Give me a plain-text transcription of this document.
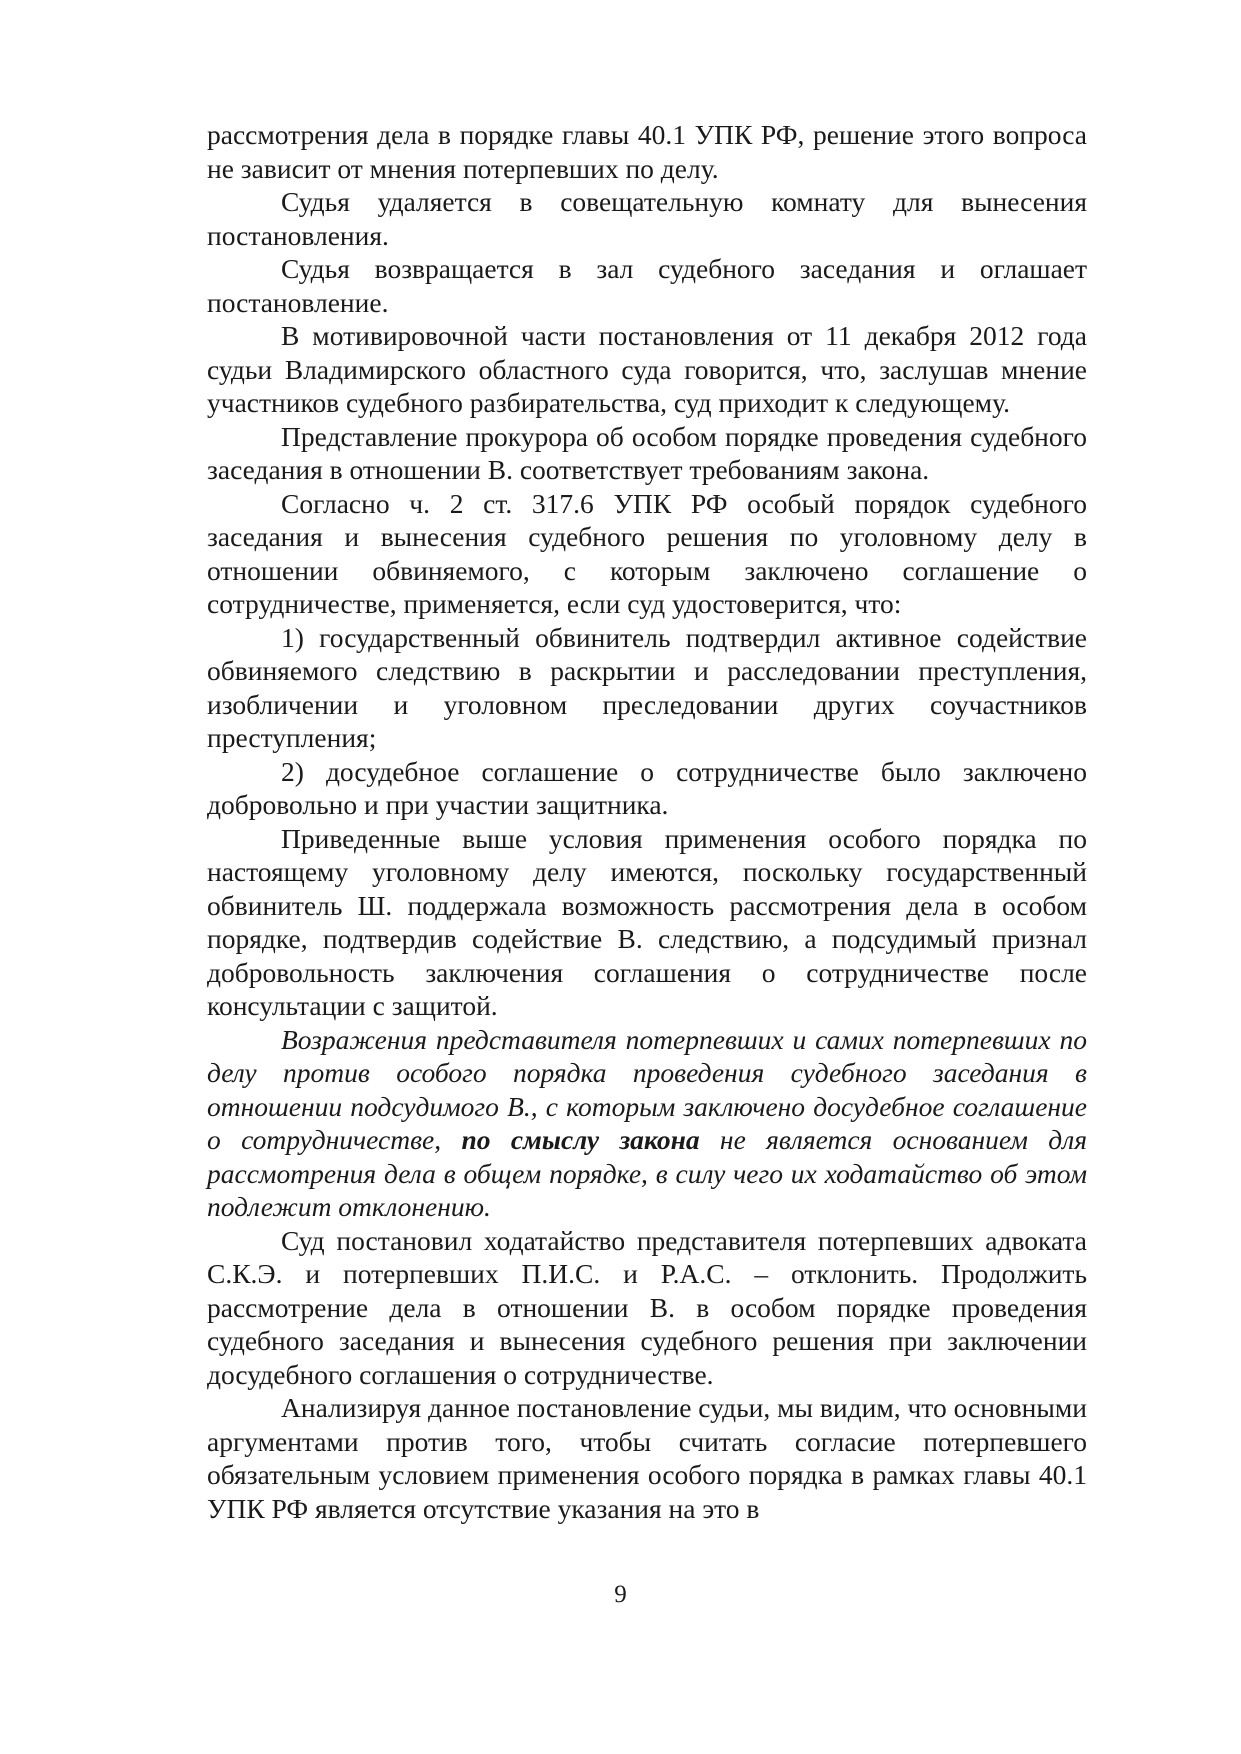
рассмотрения дела в порядке главы 40.1 УПК РФ, решение этого вопроса не зависит от мнения потерпевших по делу.

Судья удаляется в совещательную комнату для вынесения постановления.

Судья возвращается в зал судебного заседания и оглашает постановление.

В мотивировочной части постановления от 11 декабря 2012 года судьи Владимирского областного суда говорится, что, заслушав мнение участников судебного разбирательства, суд приходит к следующему.

Представление прокурора об особом порядке проведения судебного заседания в отношении В. соответствует требованиям закона.

Согласно ч. 2 ст. 317.6 УПК РФ особый порядок судебного заседания и вынесения судебного решения по уголовному делу в отношении обвиняемого, с которым заключено соглашение о сотрудничестве, применяется, если суд удостоверится, что:

1) государственный обвинитель подтвердил активное содействие обвиняемого следствию в раскрытии и расследовании преступления, изобличении и уголовном преследовании других соучастников преступления;

2) досудебное соглашение о сотрудничестве было заключено добровольно и при участии защитника.

Приведенные выше условия применения особого порядка по настоящему уголовному делу имеются, поскольку государственный обвинитель Ш. поддержала возможность рассмотрения дела в особом порядке, подтвердив содействие В. следствию, а подсудимый признал добровольность заключения соглашения о сотрудничестве после консультации с защитой.

Возражения представителя потерпевших и самих потерпевших по делу против особого порядка проведения судебного заседания в отношении подсудимого В., с которым заключено досудебное соглашение о сотрудничестве, по смыслу закона не является основанием для рассмотрения дела в общем порядке, в силу чего их ходатайство об этом подлежит отклонению.

Суд постановил ходатайство представителя потерпевших адвоката С.К.Э. и потерпевших П.И.С. и Р.А.С. – отклонить. Продолжить рассмотрение дела в отношении В. в особом порядке проведения судебного заседания и вынесения судебного решения при заключении досудебного соглашения о сотрудничестве.

Анализируя данное постановление судьи, мы видим, что основными аргументами против того, чтобы считать согласие потерпевшего обязательным условием применения особого порядка в рамках главы 40.1 УПК РФ является отсутствие указания на это в

9
